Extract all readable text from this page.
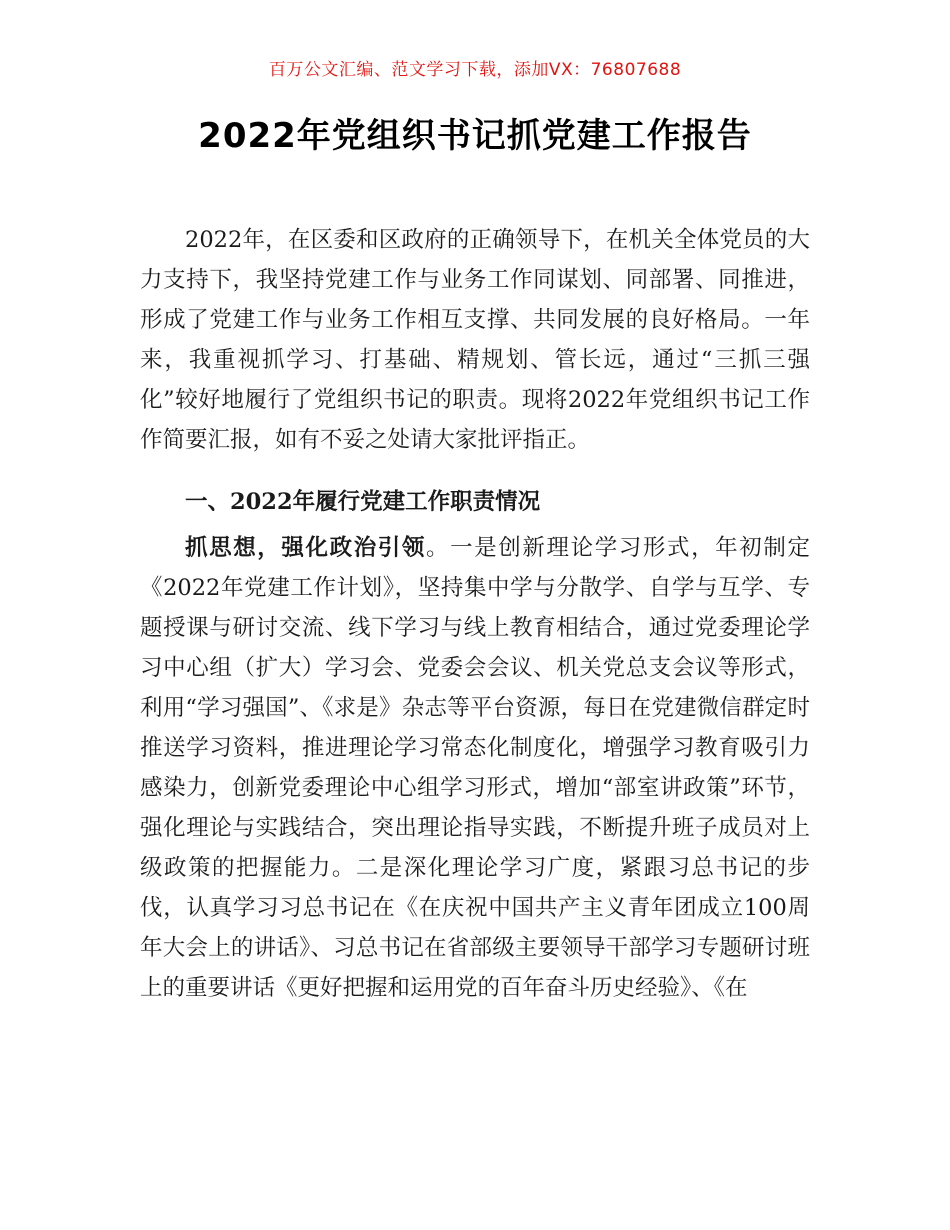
百万公文汇编、范文学习下载，添加VX：76807688
2022年党组织书记抓党建工作报告

2022年，在区委和区政府的正确领导下，在机关全体党员的大力支持下，我坚持党建工作与业务工作同谋划、同部署、同推进，形成了党建工作与业务工作相互支撑、共同发展的良好格局。一年来，我重视抓学习、打基础、精规划、管长远，通过“三抓三强化”较好地履行了党组织书记的职责。现将2022年党组织书记工作作简要汇报，如有不妥之处请大家批评指正。

一、2022年履行党建工作职责情况

抓思想，强化政治引领。一是创新理论学习形式，年初制定《2022年党建工作计划》，坚持集中学与分散学、自学与互学、专题授课与研讨交流、线下学习与线上教育相结合，通过党委理论学习中心组（扩大）学习会、党委会会议、机关党总支会议等形式，利用“学习强国”、《求是》杂志等平台资源，每日在党建微信群定时推送学习资料，推进理论学习常态化制度化，增强学习教育吸引力感染力，创新党委理论中心组学习形式，增加“部室讲政策”环节，强化理论与实践结合，突出理论指导实践，不断提升班子成员对上级政策的把握能力。二是深化理论学习广度，紧跟习总书记的步伐，认真学习习总书记在《在庆祝中国共产主义青年团成立100周年大会上的讲话》、习总书记在省部级主要领导干部学习专题研讨班上的重要讲话《更好把握和运用党的百年奋斗历史经验》、《在
